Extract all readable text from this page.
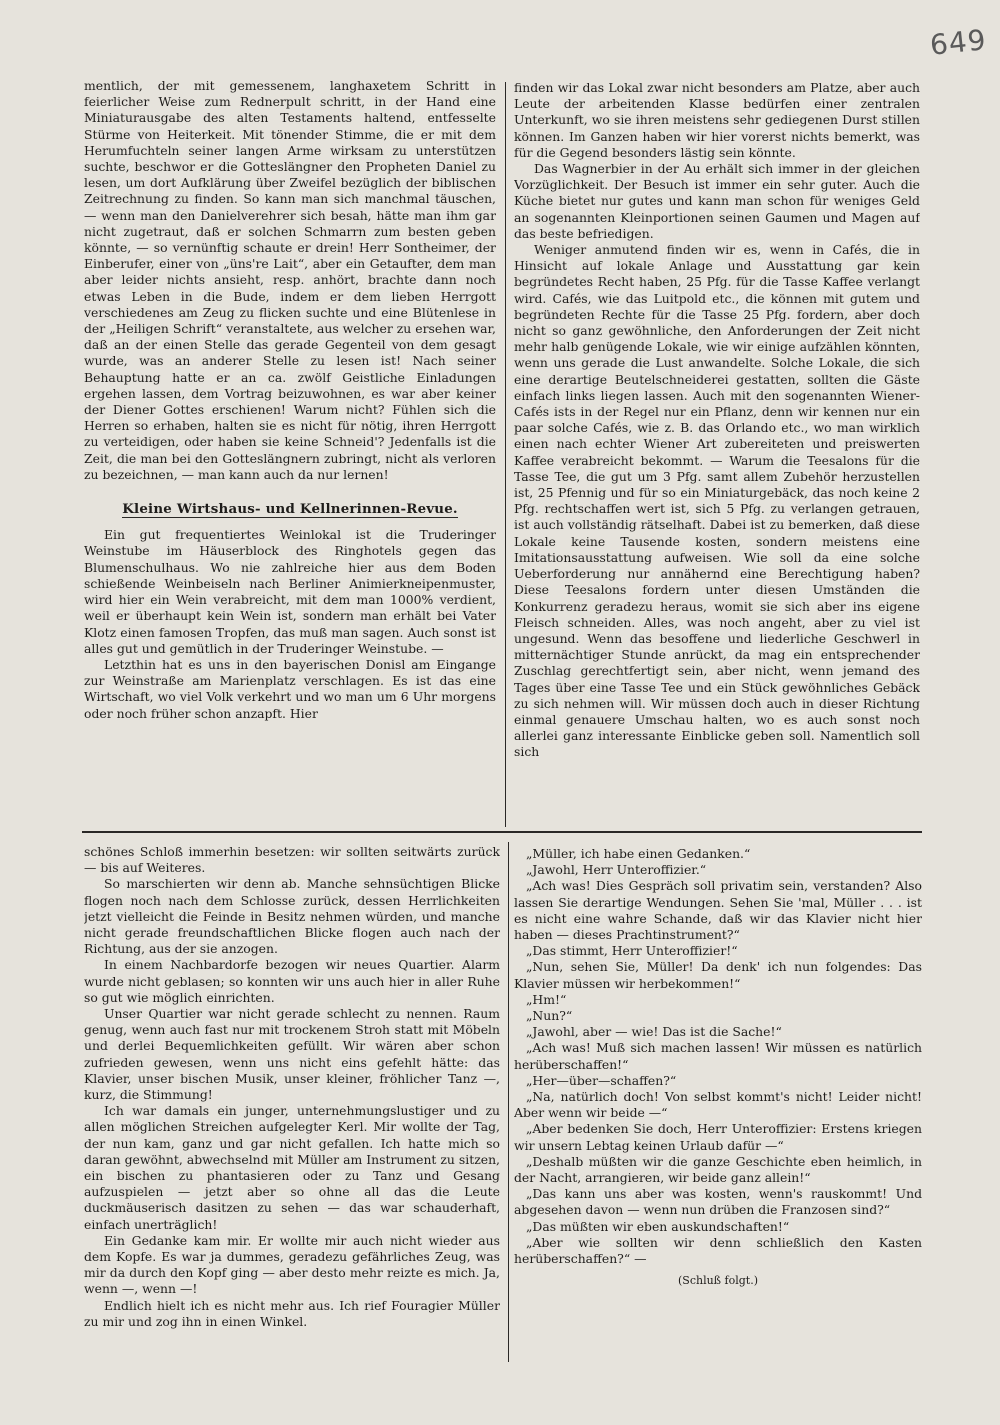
649

mentlich, der mit gemessenem, langhaxetem Schritt in feierlicher Weise zum Rednerpult schritt, in der Hand eine Miniaturausgabe des alten Testaments haltend, entfesselte Stürme von Heiterkeit. Mit tönender Stimme, die er mit dem Herumfuchteln seiner langen Arme wirksam zu unterstützen suchte, beschwor er die Gotteslängner den Propheten Daniel zu lesen, um dort Aufklärung über Zweifel bezüglich der biblischen Zeitrechnung zu finden. So kann man sich manchmal täuschen, — wenn man den Danielverehrer sich besah, hätte man ihm gar nicht zugetraut, daß er solchen Schmarrn zum besten geben könnte, — so vernünftig schaute er drein! Herr Sontheimer, der Einberufer, einer von „üns're Lait“, aber ein Getaufter, dem man aber leider nichts ansieht, resp. anhört, brachte dann noch etwas Leben in die Bude, indem er dem lieben Herrgott verschiedenes am Zeug zu flicken suchte und eine Blütenlese in der „Heiligen Schrift“ veranstaltete, aus welcher zu ersehen war, daß an der einen Stelle das gerade Gegenteil von dem gesagt wurde, was an anderer Stelle zu lesen ist! Nach seiner Behauptung hatte er an ca. zwölf Geistliche Einladungen ergehen lassen, dem Vortrag beizuwohnen, es war aber keiner der Diener Gottes erschienen! Warum nicht? Fühlen sich die Herren so erhaben, halten sie es nicht für nötig, ihren Herrgott zu verteidigen, oder haben sie keine Schneid'? Jedenfalls ist die Zeit, die man bei den Gotteslängnern zubringt, nicht als verloren zu bezeichnen, — man kann auch da nur lernen!

Kleine Wirtshaus- und Kellnerinnen-Revue.

Ein gut frequentiertes Weinlokal ist die Truderinger Weinstube im Häuserblock des Ringhotels gegen das Blumenschulhaus. Wo nie zahlreiche hier aus dem Boden schießende Weinbeiseln nach Berliner Animierkneipenmuster, wird hier ein Wein verabreicht, mit dem man 1000% verdient, weil er überhaupt kein Wein ist, sondern man erhält bei Vater Klotz einen famosen Tropfen, das muß man sagen. Auch sonst ist alles gut und gemütlich in der Truderinger Weinstube. —

Letzthin hat es uns in den bayerischen Donisl am Eingange zur Weinstraße am Marienplatz verschlagen. Es ist das eine Wirtschaft, wo viel Volk verkehrt und wo man um 6 Uhr morgens oder noch früher schon anzapft. Hier

finden wir das Lokal zwar nicht besonders am Platze, aber auch Leute der arbeitenden Klasse bedürfen einer zentralen Unterkunft, wo sie ihren meistens sehr gediegenen Durst stillen können. Im Ganzen haben wir hier vorerst nichts bemerkt, was für die Gegend besonders lästig sein könnte.

Das Wagnerbier in der Au erhält sich immer in der gleichen Vorzüglichkeit. Der Besuch ist immer ein sehr guter. Auch die Küche bietet nur gutes und kann man schon für weniges Geld an sogenannten Kleinportionen seinen Gaumen und Magen auf das beste befriedigen.

Weniger anmutend finden wir es, wenn in Cafés, die in Hinsicht auf lokale Anlage und Ausstattung gar kein begründetes Recht haben, 25 Pfg. für die Tasse Kaffee verlangt wird. Cafés, wie das Luitpold etc., die können mit gutem und begründeten Rechte für die Tasse 25 Pfg. fordern, aber doch nicht so ganz gewöhnliche, den Anforderungen der Zeit nicht mehr halb genügende Lokale, wie wir einige aufzählen könnten, wenn uns gerade die Lust anwandelte. Solche Lokale, die sich eine derartige Beutelschneiderei gestatten, sollten die Gäste einfach links liegen lassen. Auch mit den sogenannten Wiener-Cafés ists in der Regel nur ein Pflanz, denn wir kennen nur ein paar solche Cafés, wie z. B. das Orlando etc., wo man wirklich einen nach echter Wiener Art zubereiteten und preiswerten Kaffee verabreicht bekommt. — Warum die Teesalons für die Tasse Tee, die gut um 3 Pfg. samt allem Zubehör herzustellen ist, 25 Pfennig und für so ein Miniaturgebäck, das noch keine 2 Pfg. rechtschaffen wert ist, sich 5 Pfg. zu verlangen getrauen, ist auch vollständig rätselhaft. Dabei ist zu bemerken, daß diese Lokale keine Tausende kosten, sondern meistens eine Imitationsausstattung aufweisen. Wie soll da eine solche Ueberforderung nur annähernd eine Berechtigung haben? Diese Teesalons fordern unter diesen Umständen die Konkurrenz geradezu heraus, womit sie sich aber ins eigene Fleisch schneiden. Alles, was noch angeht, aber zu viel ist ungesund. Wenn das besoffene und liederliche Geschwerl in mitternächtiger Stunde anrückt, da mag ein entsprechender Zuschlag gerechtfertigt sein, aber nicht, wenn jemand des Tages über eine Tasse Tee und ein Stück gewöhnliches Gebäck zu sich nehmen will. Wir müssen doch auch in dieser Richtung einmal genauere Umschau halten, wo es auch sonst noch allerlei ganz interessante Einblicke geben soll. Namentlich soll sich

schönes Schloß immerhin besetzen: wir sollten seitwärts zurück — bis auf Weiteres.

So marschierten wir denn ab. Manche sehnsüchtigen Blicke flogen noch nach dem Schlosse zurück, dessen Herrlichkeiten jetzt vielleicht die Feinde in Besitz nehmen würden, und manche nicht gerade freundschaftlichen Blicke flogen auch nach der Richtung, aus der sie anzogen.

In einem Nachbardorfe bezogen wir neues Quartier. Alarm wurde nicht geblasen; so konnten wir uns auch hier in aller Ruhe so gut wie möglich einrichten.

Unser Quartier war nicht gerade schlecht zu nennen. Raum genug, wenn auch fast nur mit trockenem Stroh statt mit Möbeln und derlei Bequemlichkeiten gefüllt. Wir wären aber schon zufrieden gewesen, wenn uns nicht eins gefehlt hätte: das Klavier, unser bischen Musik, unser kleiner, fröhlicher Tanz —, kurz, die Stimmung!

Ich war damals ein junger, unternehmungslustiger und zu allen möglichen Streichen aufgelegter Kerl. Mir wollte der Tag, der nun kam, ganz und gar nicht gefallen. Ich hatte mich so daran gewöhnt, abwechselnd mit Müller am Instrument zu sitzen, ein bischen zu phantasieren oder zu Tanz und Gesang aufzuspielen — jetzt aber so ohne all das die Leute duckmäuserisch dasitzen zu sehen — das war schauderhaft, einfach unerträglich!

Ein Gedanke kam mir. Er wollte mir auch nicht wieder aus dem Kopfe. Es war ja dummes, geradezu gefährliches Zeug, was mir da durch den Kopf ging — aber desto mehr reizte es mich. Ja, wenn —, wenn —!

Endlich hielt ich es nicht mehr aus. Ich rief Fouragier Müller zu mir und zog ihn in einen Winkel.

„Müller, ich habe einen Gedanken.“

„Jawohl, Herr Unteroffizier.“

„Ach was! Dies Gespräch soll privatim sein, verstanden? Also lassen Sie derartige Wendungen. Sehen Sie 'mal, Müller . . . ist es nicht eine wahre Schande, daß wir das Klavier nicht hier haben — dieses Prachtinstrument?“

„Das stimmt, Herr Unteroffizier!“

„Nun, sehen Sie, Müller! Da denk' ich nun folgendes: Das Klavier müssen wir herbekommen!“

„Hm!“

„Nun?“

„Jawohl, aber — wie! Das ist die Sache!“

„Ach was! Muß sich machen lassen! Wir müssen es natürlich herüberschaffen!“

„Her—über—schaffen?“

„Na, natürlich doch! Von selbst kommt's nicht! Leider nicht! Aber wenn wir beide —“

„Aber bedenken Sie doch, Herr Unteroffizier: Erstens kriegen wir unsern Lebtag keinen Urlaub dafür —“

„Deshalb müßten wir die ganze Geschichte eben heimlich, in der Nacht, arrangieren, wir beide ganz allein!“

„Das kann uns aber was kosten, wenn's rauskommt! Und abgesehen davon — wenn nun drüben die Franzosen sind?“

„Das müßten wir eben auskundschaften!“

„Aber wie sollten wir denn schließlich den Kasten herüberschaffen?“ —

(Schluß folgt.)
